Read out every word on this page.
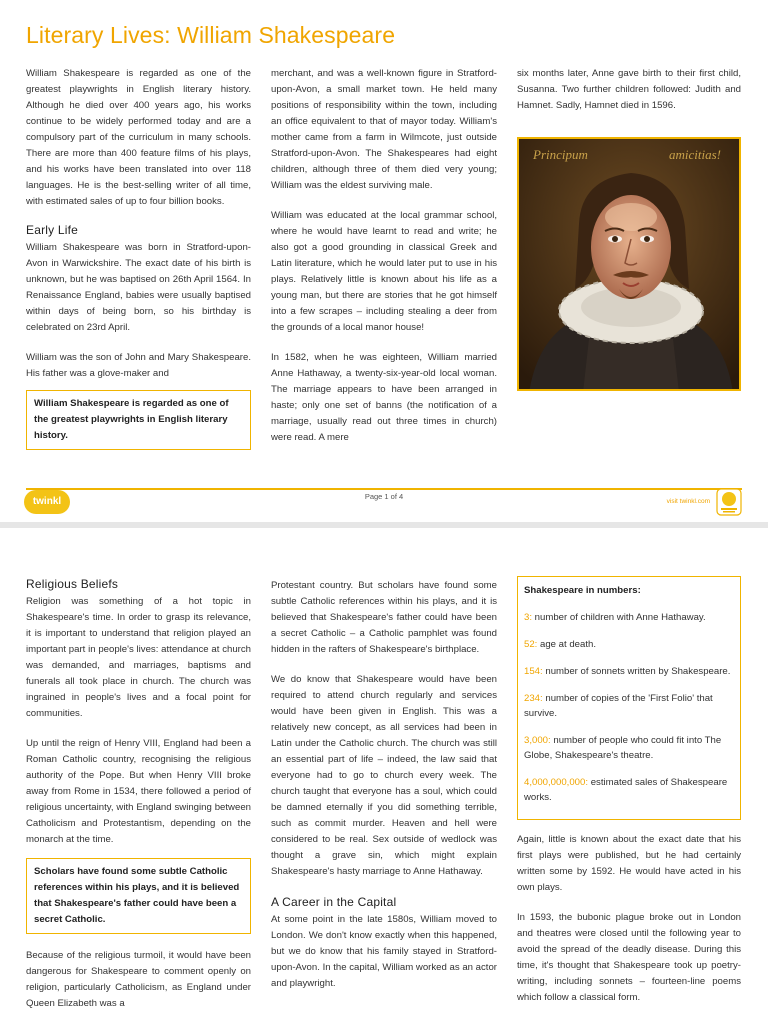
Literary Lives: William Shakespeare

William Shakespeare is regarded as one of the greatest playwrights in English literary history. Although he died over 400 years ago, his works continue to be widely performed today and are a compulsory part of the curriculum in many schools. There are more than 400 feature films of his plays, and his works have been translated into over 118 languages. He is the best-selling writer of all time, with estimated sales of up to four billion books.

Early Life

William Shakespeare was born in Stratford-upon-Avon in Warwickshire. The exact date of his birth is unknown, but he was baptised on 26th April 1564. In Renaissance England, babies were usually baptised within days of being born, so his birthday is celebrated on 23rd April.

William was the son of John and Mary Shakespeare. His father was a glove-maker and

William Shakespeare is regarded as one of the greatest playwrights in English literary history.

merchant, and was a well-known figure in Stratford-upon-Avon, a small market town. He held many positions of responsibility within the town, including an office equivalent to that of mayor today. William's mother came from a farm in Wilmcote, just outside Stratford-upon-Avon. The Shakespeares had eight children, although three of them died very young; William was the eldest surviving male.

William was educated at the local grammar school, where he would have learnt to read and write; he also got a good grounding in classical Greek and Latin literature, which he would later put to use in his plays. Relatively little is known about his life as a young man, but there are stories that he got himself into a few scrapes – including stealing a deer from the grounds of a local manor house!

In 1582, when he was eighteen, William married Anne Hathaway, a twenty-six-year-old local woman. The marriage appears to have been arranged in haste; only one set of banns (the notification of a marriage, usually read out three times in church) were read. A mere

six months later, Anne gave birth to their first child, Susanna. Two further children followed: Judith and Hamnet. Sadly, Hamnet died in 1596.

Principum	amicitias!
twinkl	Page 1 of 4
visit twinkl.com
Religious Beliefs

Religion was something of a hot topic in Shakespeare's time. In order to grasp its relevance, it is important to understand that religion played an important part in people's lives: attendance at church was demanded, and marriages, baptisms and funerals all took place in church. The church was ingrained in people's lives and a focal point for communities.

Up until the reign of Henry VIII, England had been a Roman Catholic country, recognising the religious authority of the Pope. But when Henry VIII broke away from Rome in 1534, there followed a period of religious uncertainty, with England swinging between Catholicism and Protestantism, depending on the monarch at the time.

Scholars have found some subtle Catholic references within his plays, and it is believed that Shakespeare's father could have been a secret Catholic.

Because of the religious turmoil, it would have been dangerous for Shakespeare to comment openly on religion, particularly Catholicism, as England under Queen Elizabeth was a

Protestant country. But scholars have found some subtle Catholic references within his plays, and it is believed that Shakespeare's father could have been a secret Catholic – a Catholic pamphlet was found hidden in the rafters of Shakespeare's birthplace.

We do know that Shakespeare would have been required to attend church regularly and services would have been given in English. This was a relatively new concept, as all services had been in Latin under the Catholic church. The church was still an essential part of life – indeed, the law said that everyone had to go to church every week. The church taught that everyone has a soul, which could be damned eternally if you did something terrible, such as commit murder. Heaven and hell were considered to be real. Sex outside of wedlock was thought a grave sin, which might explain Shakespeare's hasty marriage to Anne Hathaway.

A Career in the Capital

At some point in the late 1580s, William moved to London. We don't know exactly when this happened, but we do know that his family stayed in Stratford-upon-Avon. In the capital, William worked as an actor and playwright.

Shakespeare in numbers:
3: number of children with Anne Hathaway.
52: age at death.
154: number of sonnets written by Shakespeare.
234: number of copies of the 'First Folio' that survive.
3,000: number of people who could fit into The Globe, Shakespeare's theatre.
4,000,000,000: estimated sales of Shakespeare works.

Again, little is known about the exact date that his first plays were published, but he had certainly written some by 1592. He would have acted in his own plays.

In 1593, the bubonic plague broke out in London and theatres were closed until the following year to avoid the spread of the deadly disease. During this time, it's thought that Shakespeare took up poetry-writing, including sonnets – fourteen-line poems which follow a classical form.
